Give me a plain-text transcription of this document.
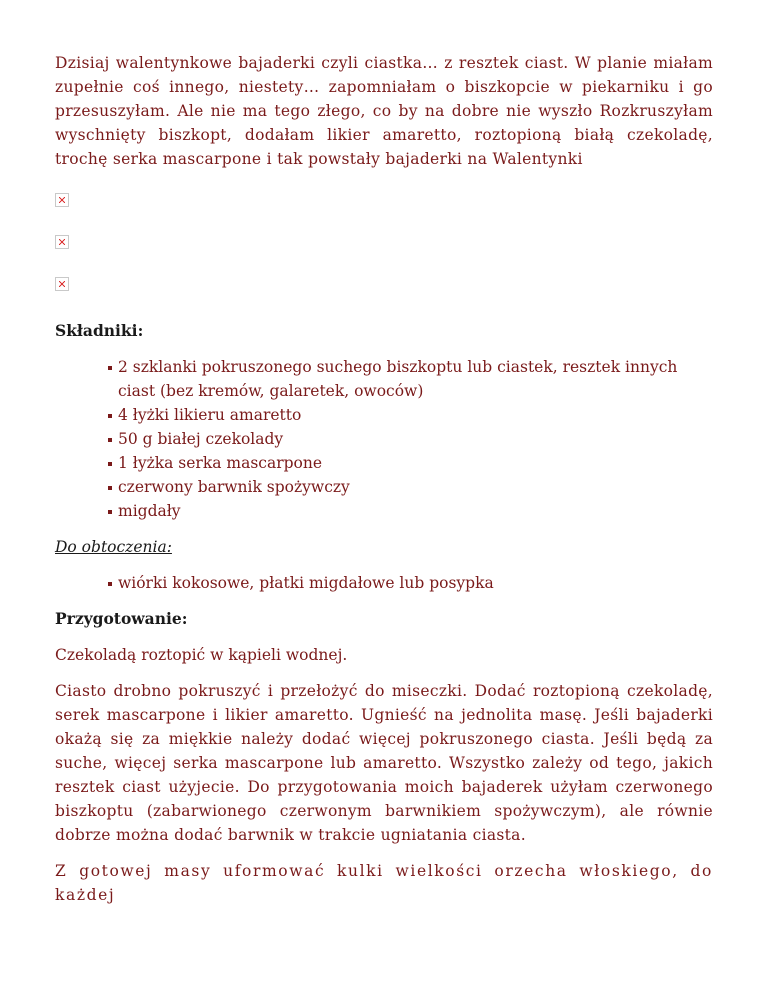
Dzisiaj walentynkowe bajaderki czyli ciastka… z resztek ciast. W planie miałam zupełnie coś innego, niestety… zapomniałam o biszkopcie w piekarniku i go przesuszyłam. Ale nie ma tego złego, co by na dobre nie wyszło Rozkruszyłam wyschnięty biszkopt, dodałam likier amaretto, roztopioną białą czekoladę, trochę serka mascarpone i tak powstały bajaderki na Walentynki

Składniki:

2 szklanki pokruszonego suchego biszkoptu lub ciastek, resztek innych ciast (bez kremów, galaretek, owoców)
4 łyżki likieru amaretto
50 g białej czekolady
1 łyżka serka mascarpone
czerwony barwnik spożywczy
migdały

Do obtoczenia:

wiórki kokosowe, płatki migdałowe lub posypka

Przygotowanie:

Czekoladą roztopić w kąpieli wodnej.

Ciasto drobno pokruszyć i przełożyć do miseczki. Dodać roztopioną czekoladę, serek mascarpone i likier amaretto. Ugnieść na jednolita masę. Jeśli bajaderki okażą się za miękkie należy dodać więcej pokruszonego ciasta. Jeśli będą za suche, więcej serka mascarpone lub amaretto. Wszystko zależy od tego, jakich resztek ciast użyjecie. Do przygotowania moich bajaderek użyłam czerwonego biszkoptu (zabarwionego czerwonym barwnikiem spożywczym), ale równie dobrze można dodać barwnik w trakcie ugniatania ciasta.

Z gotowej masy uformować kulki wielkości orzecha włoskiego, do każdej
